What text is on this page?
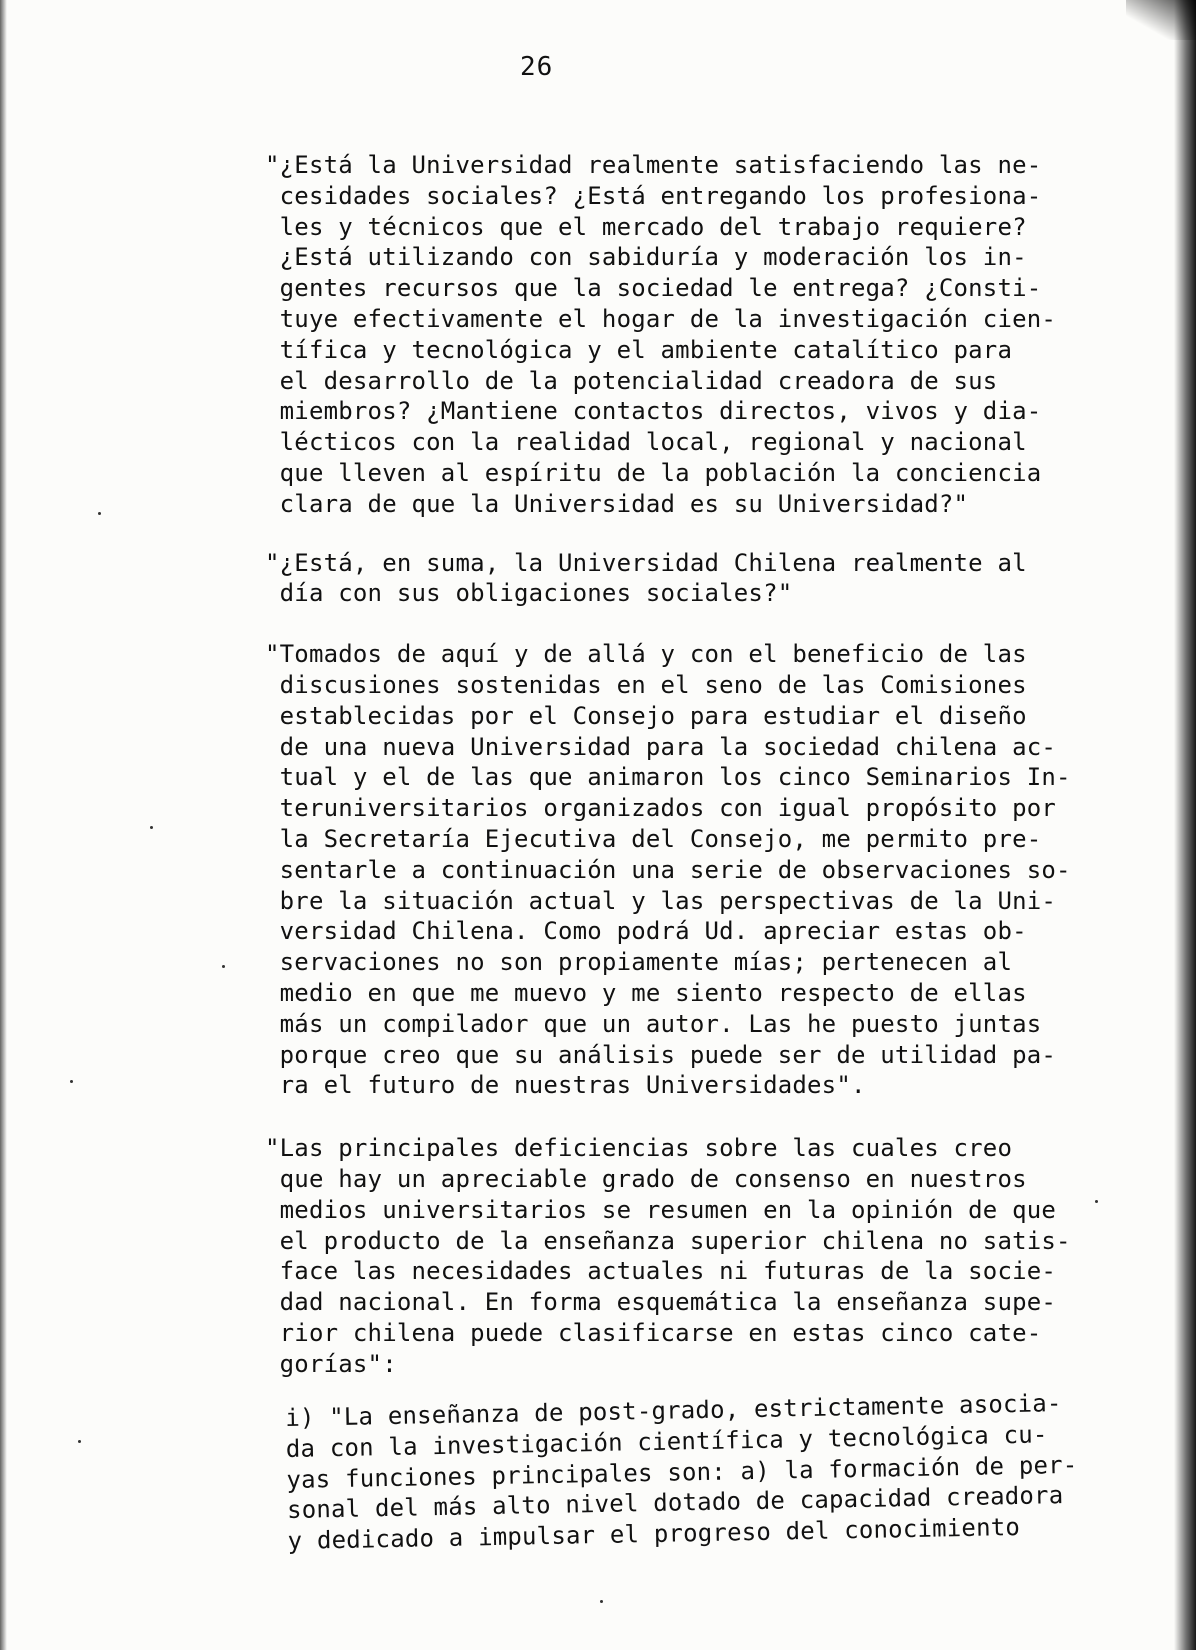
26

"¿Está la Universidad realmente satisfaciendo las ne-
cesidades sociales? ¿Está entregando los profesiona-
les y técnicos que el mercado del trabajo requiere?
¿Está utilizando con sabiduría y moderación los in-
gentes recursos que la sociedad le entrega? ¿Consti-
tuye efectivamente el hogar de la investigación cien-
tífica y tecnológica y el ambiente catalítico para
el desarrollo de la potencialidad creadora de sus
miembros? ¿Mantiene contactos directos, vivos y dia-
lécticos con la realidad local, regional y nacional
que lleven al espíritu de la población la conciencia
clara de que la Universidad es su Universidad?"

"¿Está, en suma, la Universidad Chilena realmente al
día con sus obligaciones sociales?"

"Tomados de aquí y de allá y con el beneficio de las
discusiones sostenidas en el seno de las Comisiones
establecidas por el Consejo para estudiar el diseño
de una nueva Universidad para la sociedad chilena ac-
tual y el de las que animaron los cinco Seminarios In-
teruniversitarios organizados con igual propósito por
la Secretaría Ejecutiva del Consejo, me permito pre-
sentarle a continuación una serie de observaciones so-
bre la situación actual y las perspectivas de la Uni-
versidad Chilena. Como podrá Ud. apreciar estas ob-
servaciones no son propiamente mías; pertenecen al
medio en que me muevo y me siento respecto de ellas
más un compilador que un autor. Las he puesto juntas
porque creo que su análisis puede ser de utilidad pa-
ra el futuro de nuestras Universidades".

"Las principales deficiencias sobre las cuales creo
que hay un apreciable grado de consenso en nuestros
medios universitarios se resumen en la opinión de que
el producto de la enseñanza superior chilena no satis-
face las necesidades actuales ni futuras de la socie-
dad nacional. En forma esquemática la enseñanza supe-
rior chilena puede clasificarse en estas cinco cate-
gorías":

i) "La enseñanza de post-grado, estrictamente asocia-
da con la investigación científica y tecnológica cu-
yas funciones principales son: a) la formación de per-
sonal del más alto nivel dotado de capacidad creadora
y dedicado a impulsar el progreso del conocimiento
